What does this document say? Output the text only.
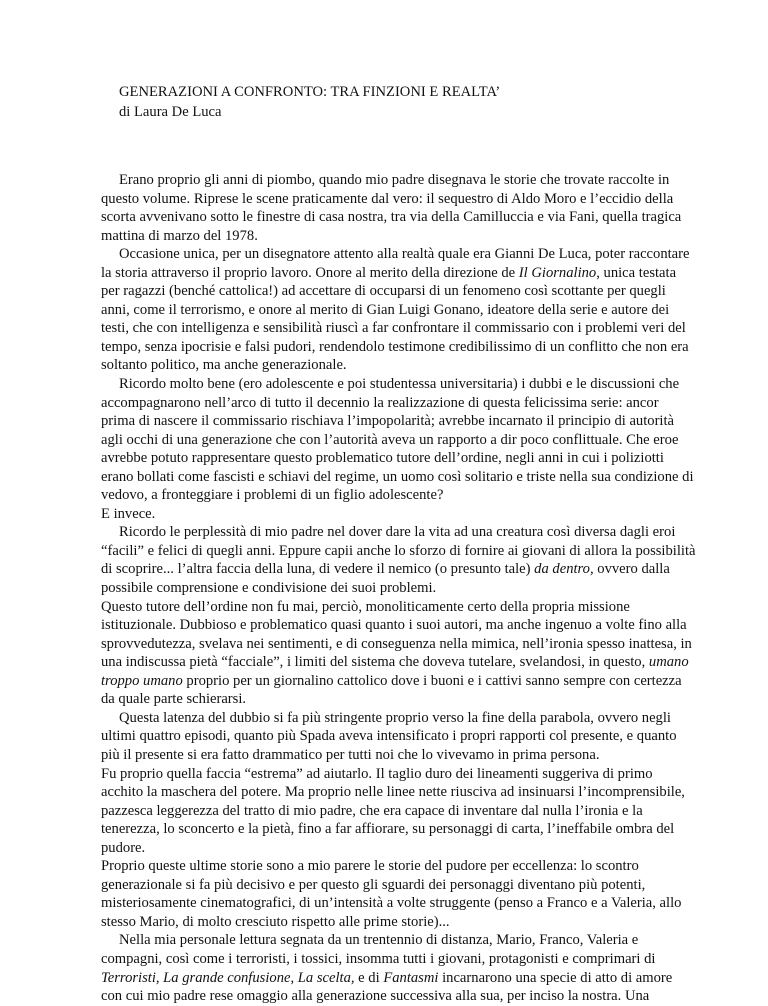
GENERAZIONI A CONFRONTO: TRA FINZIONI E REALTA’
di Laura De Luca

Erano proprio gli anni di piombo, quando mio padre disegnava le storie che trovate raccolte in questo volume. Riprese le scene praticamente dal vero: il sequestro di Aldo Moro e l’eccidio della scorta avvenivano sotto le finestre di casa nostra, tra via della Camilluccia e via Fani, quella tragica mattina di marzo del 1978.

Occasione unica, per un disegnatore attento alla realtà quale era Gianni De Luca, poter raccontare la storia attraverso il proprio lavoro. Onore al merito della direzione de Il Giornalino, unica testata per ragazzi (benché cattolica!) ad accettare di occuparsi di un fenomeno così scottante per quegli anni, come il terrorismo, e onore al merito di Gian Luigi Gonano, ideatore della serie e autore dei testi, che con intelligenza e sensibilità riuscì a far confrontare il commissario con i problemi veri del tempo, senza ipocrisie e falsi pudori, rendendolo testimone credibilissimo di un conflitto che non era soltanto politico, ma anche generazionale.

Ricordo molto bene (ero adolescente e poi studentessa universitaria) i dubbi e le discussioni che accompagnarono nell’arco di tutto il decennio la realizzazione di questa felicissima serie: ancor prima di nascere il commissario rischiava l’impopolarità; avrebbe incarnato il principio di autorità agli occhi di una generazione che con l’autorità aveva un rapporto a dir poco conflittuale. Che eroe avrebbe potuto rappresentare questo problematico tutore dell’ordine, negli anni in cui i poliziotti erano bollati come fascisti e schiavi del regime, un uomo così solitario e triste nella sua condizione di vedovo, a fronteggiare i problemi di un figlio adolescente?

E invece.

Ricordo le perplessità di mio padre nel dover dare la vita ad una creatura così diversa dagli eroi “facili” e felici di quegli anni. Eppure capii anche lo sforzo di fornire ai giovani di allora la possibilità di scoprire... l’altra faccia della luna, di vedere il nemico (o presunto tale) da dentro, ovvero dalla possibile comprensione e condivisione dei suoi problemi.

Questo tutore dell’ordine non fu mai, perciò, monoliticamente certo della propria missione istituzionale. Dubbioso e problematico quasi quanto i suoi autori, ma anche ingenuo a volte fino alla sprovvedutezza, svelava nei sentimenti, e di conseguenza nella mimica, nell’ironia spesso inattesa, in una indiscussa pietà “facciale”, i limiti del sistema che doveva tutelare, svelandosi, in questo, umano troppo umano proprio per un giornalino cattolico dove i buoni e i cattivi sanno sempre con certezza da quale parte schierarsi.

Questa latenza del dubbio si fa più stringente proprio verso la fine della parabola, ovvero negli ultimi quattro episodi, quanto più Spada aveva intensificato i propri rapporti col presente, e quanto più il presente si era fatto drammatico per tutti noi che lo vivevamo in prima persona.

Fu proprio quella faccia “estrema” ad aiutarlo. Il taglio duro dei lineamenti suggeriva di primo acchito la maschera del potere. Ma proprio nelle linee nette riusciva ad insinuarsi l’incomprensibile, pazzesca leggerezza del tratto di mio padre, che era capace di inventare dal nulla l’ironia e la tenerezza, lo sconcerto e la pietà, fino a far affiorare, su personaggi di carta, l’ineffabile ombra del pudore.

Proprio queste ultime storie sono a mio parere le storie del pudore per eccellenza: lo scontro generazionale si fa più decisivo e per questo gli sguardi dei personaggi diventano più potenti, misteriosamente cinematografici, di un’intensità a volte struggente (penso a Franco e a Valeria, allo stesso Mario, di molto cresciuto rispetto alle prime storie)...

Nella mia personale lettura segnata da un trentennio di distanza, Mario, Franco, Valeria e compagni, così come i terroristi, i tossici, insomma tutti i giovani, protagonisti e comprimari di Terroristi, La grande confusione, La scelta, e di Fantasmi incarnarono una specie di atto di amore con cui mio padre rese omaggio alla generazione successiva alla sua, per inciso la nostra. Una
